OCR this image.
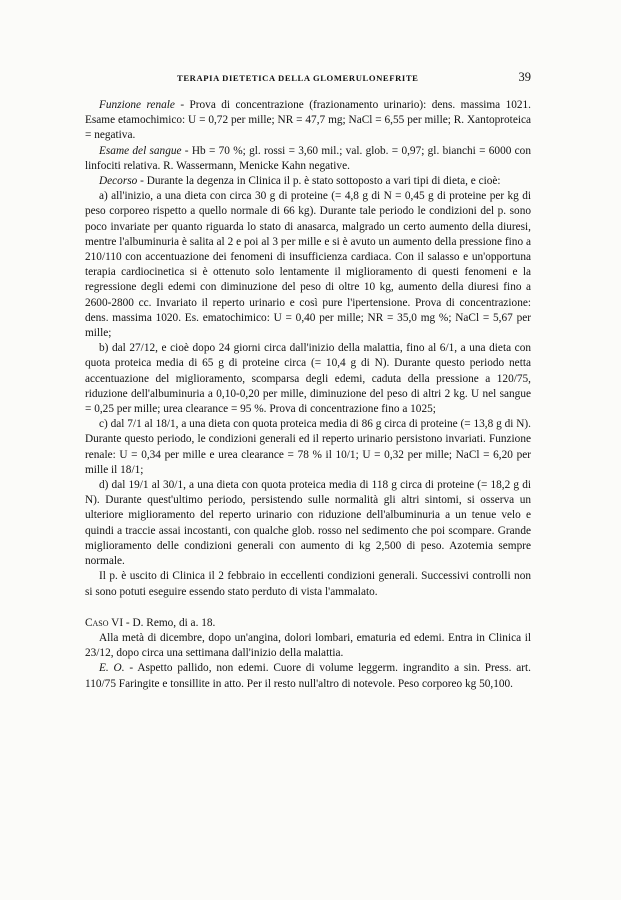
TERAPIA DIETETICA DELLA GLOMERULONEFRITE	39

Funzione renale - Prova di concentrazione (frazionamento urinario): dens. massima 1021. Esame etamochimico: U = 0,72 per mille; NR = 47,7 mg; NaCl = 6,55 per mille; R. Xantoproteica = negativa.

Esame del sangue - Hb = 70 %; gl. rossi = 3,60 mil.; val. glob. = 0,97; gl. bianchi = 6000 con linfociti relativa. R. Wassermann, Menicke Kahn negative.

Decorso - Durante la degenza in Clinica il p. è stato sottoposto a vari tipi di dieta, e cioè:

a) all'inizio, a una dieta con circa 30 g di proteine (= 4,8 g di N = 0,45 g di proteine per kg di peso corporeo rispetto a quello normale di 66 kg). Durante tale periodo le condizioni del p. sono poco invariate per quanto riguarda lo stato di anasarca, malgrado un certo aumento della diuresi, mentre l'albuminuria è salita al 2 e poi al 3 per mille e si è avuto un aumento della pressione fino a 210/110 con accentuazione dei fenomeni di insufficienza cardiaca. Con il salasso e un'opportuna terapia cardiocinetica si è ottenuto solo lentamente il miglioramento di questi fenomeni e la regressione degli edemi con diminuzione del peso di oltre 10 kg, aumento della diuresi fino a 2600-2800 cc. Invariato il reperto urinario e così pure l'ipertensione. Prova di concentrazione: dens. massima 1020. Es. ematochimico: U = 0,40 per mille; NR = 35,0 mg %; NaCl = 5,67 per mille;

b) dal 27/12, e cioè dopo 24 giorni circa dall'inizio della malattia, fino al 6/1, a una dieta con quota proteica media di 65 g di proteine circa (= 10,4 g di N). Durante questo periodo netta accentuazione del miglioramento, scomparsa degli edemi, caduta della pressione a 120/75, riduzione dell'albuminuria a 0,10-0,20 per mille, diminuzione del peso di altri 2 kg. U nel sangue = 0,25 per mille; urea clearance = 95 %. Prova di concentrazione fino a 1025;

c) dal 7/1 al 18/1, a una dieta con quota proteica media di 86 g circa di proteine (= 13,8 g di N). Durante questo periodo, le condizioni generali ed il reperto urinario persistono invariati. Funzione renale: U = 0,34 per mille e urea clearance = 78 % il 10/1; U = 0,32 per mille; NaCl = 6,20 per mille il 18/1;

d) dal 19/1 al 30/1, a una dieta con quota proteica media di 118 g circa di proteine (= 18,2 g di N). Durante quest'ultimo periodo, persistendo sulle normalità gli altri sintomi, si osserva un ulteriore miglioramento del reperto urinario con riduzione dell'albuminuria a un tenue velo e quindi a traccie assai incostanti, con qualche glob. rosso nel sedimento che poi scompare. Grande miglioramento delle condizioni generali con aumento di kg 2,500 di peso. Azotemia sempre normale.

Il p. è uscito di Clinica il 2 febbraio in eccellenti condizioni generali. Successivi controlli non si sono potuti eseguire essendo stato perduto di vista l'ammalato.

Caso VI - D. Remo, di a. 18.

Alla metà di dicembre, dopo un'angina, dolori lombari, ematuria ed edemi. Entra in Clinica il 23/12, dopo circa una settimana dall'inizio della malattia.

E. O. - Aspetto pallido, non edemi. Cuore di volume leggerm. ingrandito a sin. Press. art. 110/75 Faringite e tonsillite in atto. Per il resto null'altro di notevole. Peso corporeo kg 50,100.
